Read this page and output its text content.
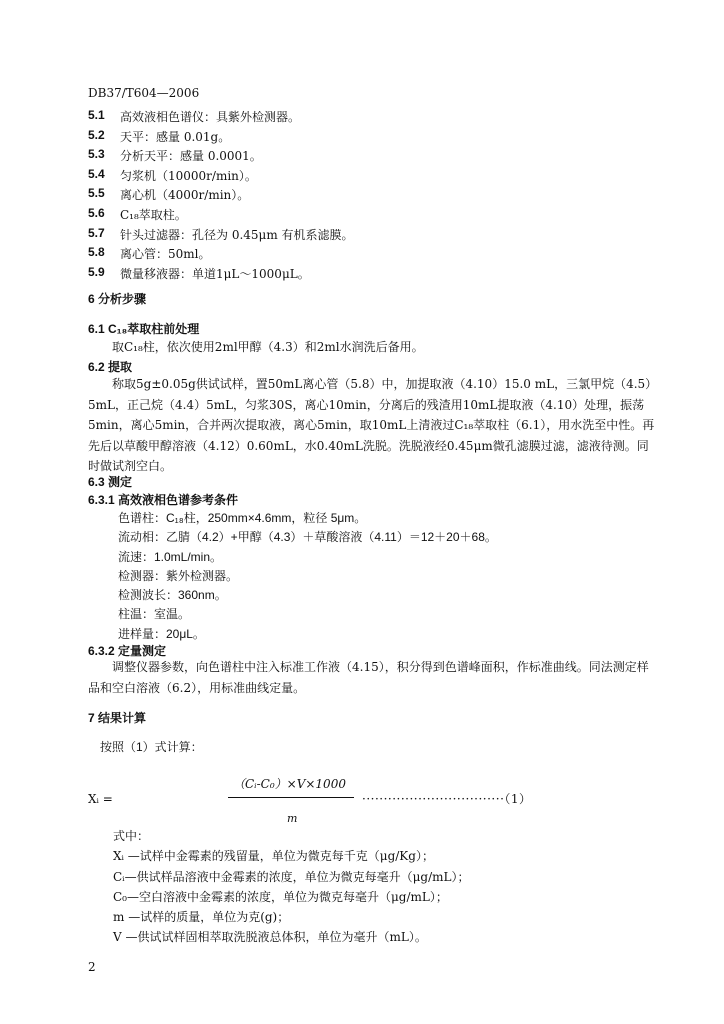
DB37/T604—2006
5.1	高效液相色谱仪：具紫外检测器。
5.2	天平：感量 0.01g。
5.3	分析天平：感量 0.0001。
5.4	匀浆机（10000r/min）。
5.5	离心机（4000r/min）。
5.6	C₁₈萃取柱。
5.7	针头过滤器：孔径为 0.45μm 有机系滤膜。
5.8	离心管：50ml。
5.9	微量移液器：单道1μL～1000μL。
6 分析步骤
6.1 C₁₈萃取柱前处理
取C₁₈柱，依次使用2ml甲醇（4.3）和2ml水润洗后备用。
6.2 提取
称取5g±0.05g供试试样，置50mL离心管（5.8）中，加提取液（4.10）15.0 mL，三氯甲烷（4.5）5mL，正己烷（4.4）5mL，匀浆30S，离心10min，分离后的残渣用10mL提取液（4.10）处理，振荡5min，离心5min，合并两次提取液，离心5min，取10mL上清液过C₁₈萃取柱（6.1），用水洗至中性。再先后以草酸甲醇溶液（4.12）0.60mL，水0.40mL洗脱。洗脱液经0.45μm微孔滤膜过滤，滤液待测。同时做试剂空白。
6.3 测定
6.3.1 高效液相色谱参考条件
色谱柱：C₁₈柱，250mm×4.6mm，粒径 5μm。
流动相：乙腈（4.2）+甲醇（4.3）＋草酸溶液（4.11）＝12＋20＋68。
流速：1.0mL/min。
检测器：紫外检测器。
检测波长：360nm。
柱温：室温。
进样量：20μL。
6.3.2 定量测定
调整仪器参数，向色谱柱中注入标准工作液（4.15），积分得到色谱峰面积，作标准曲线。同法测定样品和空白溶液（6.2），用标准曲线定量。
7 结果计算
按照（1）式计算：
（Cᵢ-C₀）×V×1000
Xᵢ =	·································（1）
m
式中：
Xᵢ —试样中金霉素的残留量，单位为微克每千克（μg/Kg）；
Cᵢ—供试样品溶液中金霉素的浓度，单位为微克每毫升（μg/mL）；
C₀—空白溶液中金霉素的浓度，单位为微克每毫升（μg/mL）；
m —试样的质量，单位为克(g)；
V —供试试样固相萃取洗脱液总体积，单位为毫升（mL）。
2
